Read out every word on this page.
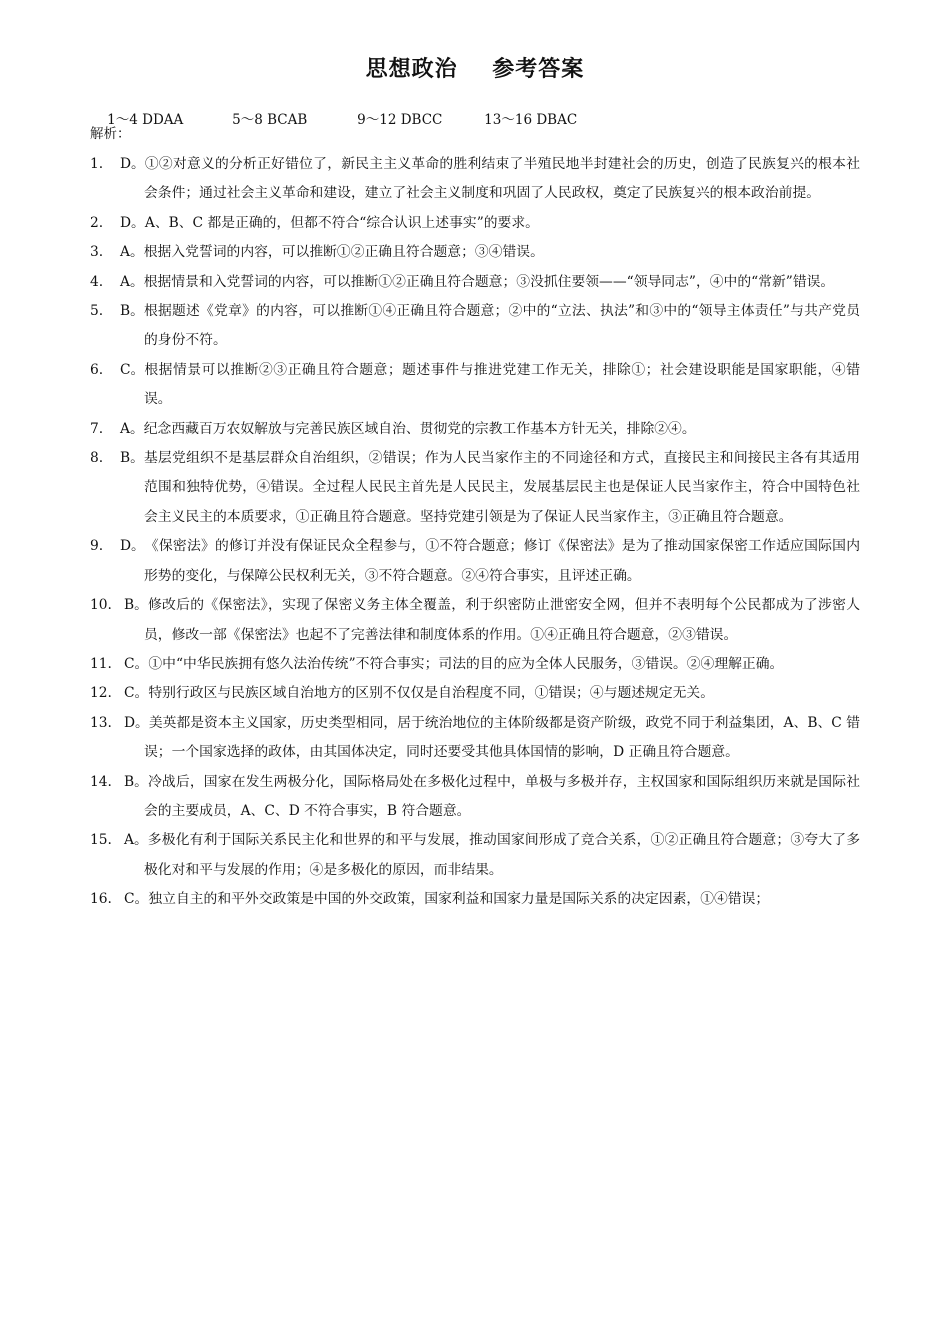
思想政治    参考答案

1～4 DDAA	5～8 BCAB	9～12 DBCC	13～16 DBAC

解析：
1. D。 ①②对意义的分析正好错位了，新民主主义革命的胜利结束了半殖民地半封建社会的历史，创造了民族复兴的根本社会条件；通过社会主义革命和建设，建立了社会主义制度和巩固了人民政权，奠定了民族复兴的根本政治前提。
2. D。 A、B、C 都是正确的，但都不符合“综合认识上述事实”的要求。
3. A。 根据入党誓词的内容，可以推断①②正确且符合题意；③④错误。
4. A。 根据情景和入党誓词的内容，可以推断①②正确且符合题意；③没抓住要领——“领导同志”，④中的“常新”错误。
5. B。 根据题述《党章》的内容，可以推断①④正确且符合题意；②中的“立法、执法”和③中的“领导主体责任”与共产党员的身份不符。
6. C。 根据情景可以推断②③正确且符合题意；题述事件与推进党建工作无关，排除①；社会建设职能是国家职能，④错误。
7. A。 纪念西藏百万农奴解放与完善民族区域自治、贯彻党的宗教工作基本方针无关，排除②④。
8. B。 基层党组织不是基层群众自治组织，②错误；作为人民当家作主的不同途径和方式，直接民主和间接民主各有其适用范围和独特优势，④错误。全过程人民民主首先是人民民主，发展基层民主也是保证人民当家作主，符合中国特色社会主义民主的本质要求，①正确且符合题意。坚持党建引领是为了保证人民当家作主，③正确且符合题意。
9. D。 《保密法》的修订并没有保证民众全程参与，①不符合题意；修订《保密法》是为了推动国家保密工作适应国际国内形势的变化，与保障公民权利无关，③不符合题意。②④符合事实，且评述正确。
10. B。 修改后的《保密法》，实现了保密义务主体全覆盖，利于织密防止泄密安全网，但并不表明每个公民都成为了涉密人员，修改一部《保密法》也起不了完善法律和制度体系的作用。①④正确且符合题意，②③错误。
11. C。 ①中“中华民族拥有悠久法治传统”不符合事实；司法的目的应为全体人民服务，③错误。②④理解正确。
12. C。 特别行政区与民族区域自治地方的区别不仅仅是自治程度不同，①错误；④与题述规定无关。
13. D。 美英都是资本主义国家，历史类型相同，居于统治地位的主体阶级都是资产阶级，政党不同于利益集团，A、B、C 错误；一个国家选择的政体，由其国体决定，同时还要受其他具体国情的影响，D 正确且符合题意。
14. B。 冷战后，国家在发生两极分化，国际格局处在多极化过程中，单极与多极并存，主权国家和国际组织历来就是国际社会的主要成员，A、C、D 不符合事实，B 符合题意。
15. A。 多极化有利于国际关系民主化和世界的和平与发展，推动国家间形成了竞合关系，①②正确且符合题意；③夸大了多极化对和平与发展的作用；④是多极化的原因，而非结果。
16. C。 独立自主的和平外交政策是中国的外交政策，国家利益和国家力量是国际关系的决定因素，①④错误；
